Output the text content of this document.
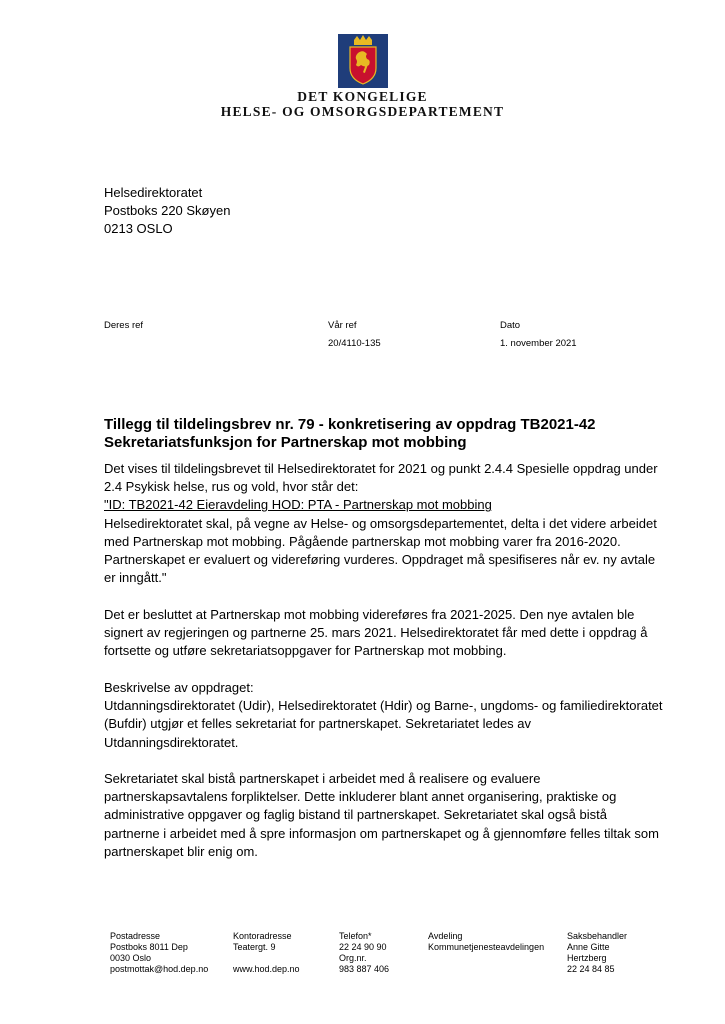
DET KONGELIGE
HELSE- OG OMSORGSDEPARTEMENT
Helsedirektoratet
Postboks 220 Skøyen
0213 OSLO
Deres ref	Vår ref
20/4110-135
Dato
1. november 2021
Tillegg til tildelingsbrev nr. 79 - konkretisering av oppdrag TB2021-42
Sekretariatsfunksjon for Partnerskap mot mobbing

Det vises til tildelingsbrevet til Helsedirektoratet for 2021 og punkt 2.4.4 Spesielle oppdrag under 2.4 Psykisk helse, rus og vold, hvor står det:

"ID: TB2021-42 Eieravdeling HOD: PTA - Partnerskap mot mobbing

Helsedirektoratet skal, på vegne av Helse- og omsorgsdepartementet, delta i det videre arbeidet med Partnerskap mot mobbing. Pågående partnerskap mot mobbing varer fra 2016-2020. Partnerskapet er evaluert og videreføring vurderes. Oppdraget må spesifiseres når ev. ny avtale er inngått."

Det er besluttet at Partnerskap mot mobbing videreføres fra 2021-2025. Den nye avtalen ble signert av regjeringen og partnerne 25. mars 2021. Helsedirektoratet får med dette i oppdrag å fortsette og utføre sekretariatsoppgaver for Partnerskap mot mobbing.

Beskrivelse av oppdraget:

Utdanningsdirektoratet (Udir), Helsedirektoratet (Hdir) og Barne-, ungdoms- og familiedirektoratet (Bufdir) utgjør et felles sekretariat for partnerskapet. Sekretariatet ledes av Utdanningsdirektoratet.

Sekretariatet skal bistå partnerskapet i arbeidet med å realisere og evaluere partnerskapsavtalens forpliktelser. Dette inkluderer blant annet organisering, praktiske og administrative oppgaver og faglig bistand til partnerskapet. Sekretariatet skal også bistå partnerne i arbeidet med å spre informasjon om partnerskapet og å gjennomføre felles tiltak som partnerskapet blir enig om.
Postadresse
Postboks 8011 Dep
0030 Oslo
postmottak@hod.dep.no
Kontoradresse
Teatergt. 9
www.hod.dep.no
Telefon*
22 24 90 90
Org.nr.
983 887 406
Avdeling
Kommunetjenesteavdelingen
Saksbehandler
Anne Gitte
Hertzberg
22 24 84 85
